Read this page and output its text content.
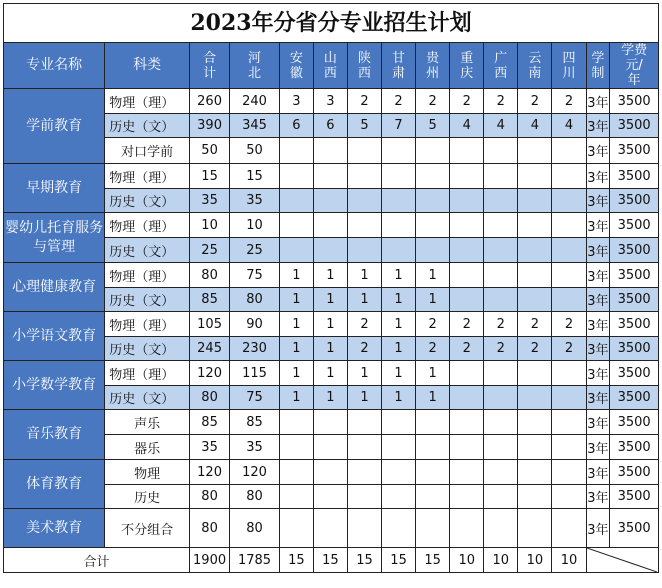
2023年分省分专业招生计划
专业名称	科类	合计	河北	安徽	山西	陕西	甘肃	贵州	重庆	广西	云南	四川	学制	学费元/年
学前教育	物理（理）	260	240	3	3	2	2	2	2	2	2	2	3年	3500
	历史（文）	390	345	6	6	5	7	5	4	4	4	4	3年	3500
	对口学前	50	50										3年	3500
早期教育	物理（理）	15	15										3年	3500
	历史（文）	35	35										3年	3500
婴幼儿托育服务与管理	物理（理）	10	10										3年	3500
	历史（文）	25	25										3年	3500
心理健康教育	物理（理）	80	75	1	1	1	1	1					3年	3500
	历史（文）	85	80	1	1	1	1	1					3年	3500
小学语文教育	物理（理）	105	90	1	1	2	1	2	2	2	2	2	3年	3500
	历史（文）	245	230	1	1	2	1	2	2	2	2	2	3年	3500
小学数学教育	物理（理）	120	115	1	1	1	1	1					3年	3500
	历史（文）	80	75	1	1	1	1	1					3年	3500
音乐教育	声乐	85	85										3年	3500
	器乐	35	35										3年	3500
体育教育	物理	120	120										3年	3500
	历史	80	80										3年	3500
美术教育	不分组合	80	80										3年	3500
合计		1900	1785	15	15	15	15	15	10	10	10	10	
